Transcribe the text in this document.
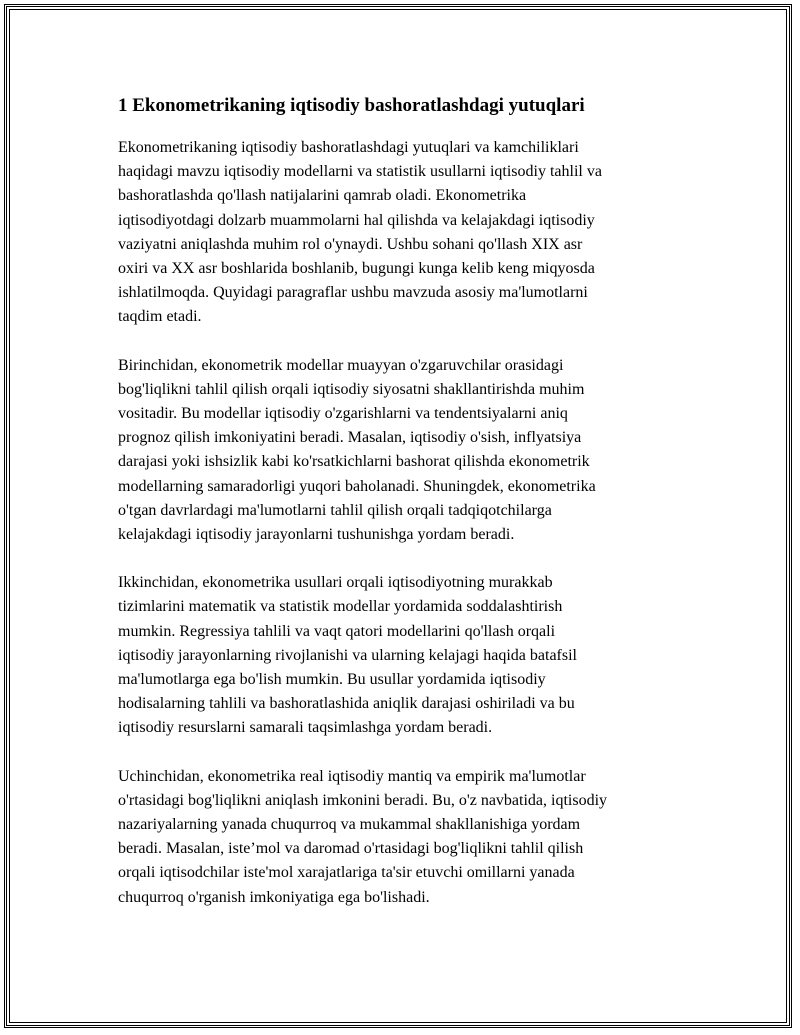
1 Ekonometrikaning iqtisodiy bashoratlashdagi yutuqlari

Ekonometrikaning iqtisodiy bashoratlashdagi yutuqlari va kamchiliklari
haqidagi mavzu iqtisodiy modellarni va statistik usullarni iqtisodiy tahlil va
bashoratlashda qo'llash natijalarini qamrab oladi. Ekonometrika
iqtisodiyotdagi dolzarb muammolarni hal qilishda va kelajakdagi iqtisodiy
vaziyatni aniqlashda muhim rol o'ynaydi. Ushbu sohani qo'llash XIX asr
oxiri va XX asr boshlarida boshlanib, bugungi kunga kelib keng miqyosda
ishlatilmoqda. Quyidagi paragraflar ushbu mavzuda asosiy ma'lumotlarni
taqdim etadi.

Birinchidan, ekonometrik modellar muayyan o'zgaruvchilar orasidagi
bog'liqlikni tahlil qilish orqali iqtisodiy siyosatni shakllantirishda muhim
vositadir. Bu modellar iqtisodiy o'zgarishlarni va tendentsiyalarni aniq
prognoz qilish imkoniyatini beradi. Masalan, iqtisodiy o'sish, inflyatsiya
darajasi yoki ishsizlik kabi ko'rsatkichlarni bashorat qilishda ekonometrik
modellarning samaradorligi yuqori baholanadi. Shuningdek, ekonometrika
o'tgan davrlardagi ma'lumotlarni tahlil qilish orqali tadqiqotchilarga
kelajakdagi iqtisodiy jarayonlarni tushunishga yordam beradi.

Ikkinchidan, ekonometrika usullari orqali iqtisodiyotning murakkab
tizimlarini matematik va statistik modellar yordamida soddalashtirish
mumkin. Regressiya tahlili va vaqt qatori modellarini qo'llash orqali
iqtisodiy jarayonlarning rivojlanishi va ularning kelajagi haqida batafsil
ma'lumotlarga ega bo'lish mumkin. Bu usullar yordamida iqtisodiy
hodisalarning tahlili va bashoratlashida aniqlik darajasi oshiriladi va bu
iqtisodiy resurslarni samarali taqsimlashga yordam beradi.

Uchinchidan, ekonometrika real iqtisodiy mantiq va empirik ma'lumotlar
o'rtasidagi bog'liqlikni aniqlash imkonini beradi. Bu, o'z navbatida, iqtisodiy
nazariyalarning yanada chuqurroq va mukammal shakllanishiga yordam
beradi. Masalan, iste’mol va daromad o'rtasidagi bog'liqlikni tahlil qilish
orqali iqtisodchilar iste'mol xarajatlariga ta'sir etuvchi omillarni yanada
chuqurroq o'rganish imkoniyatiga ega bo'lishadi.
